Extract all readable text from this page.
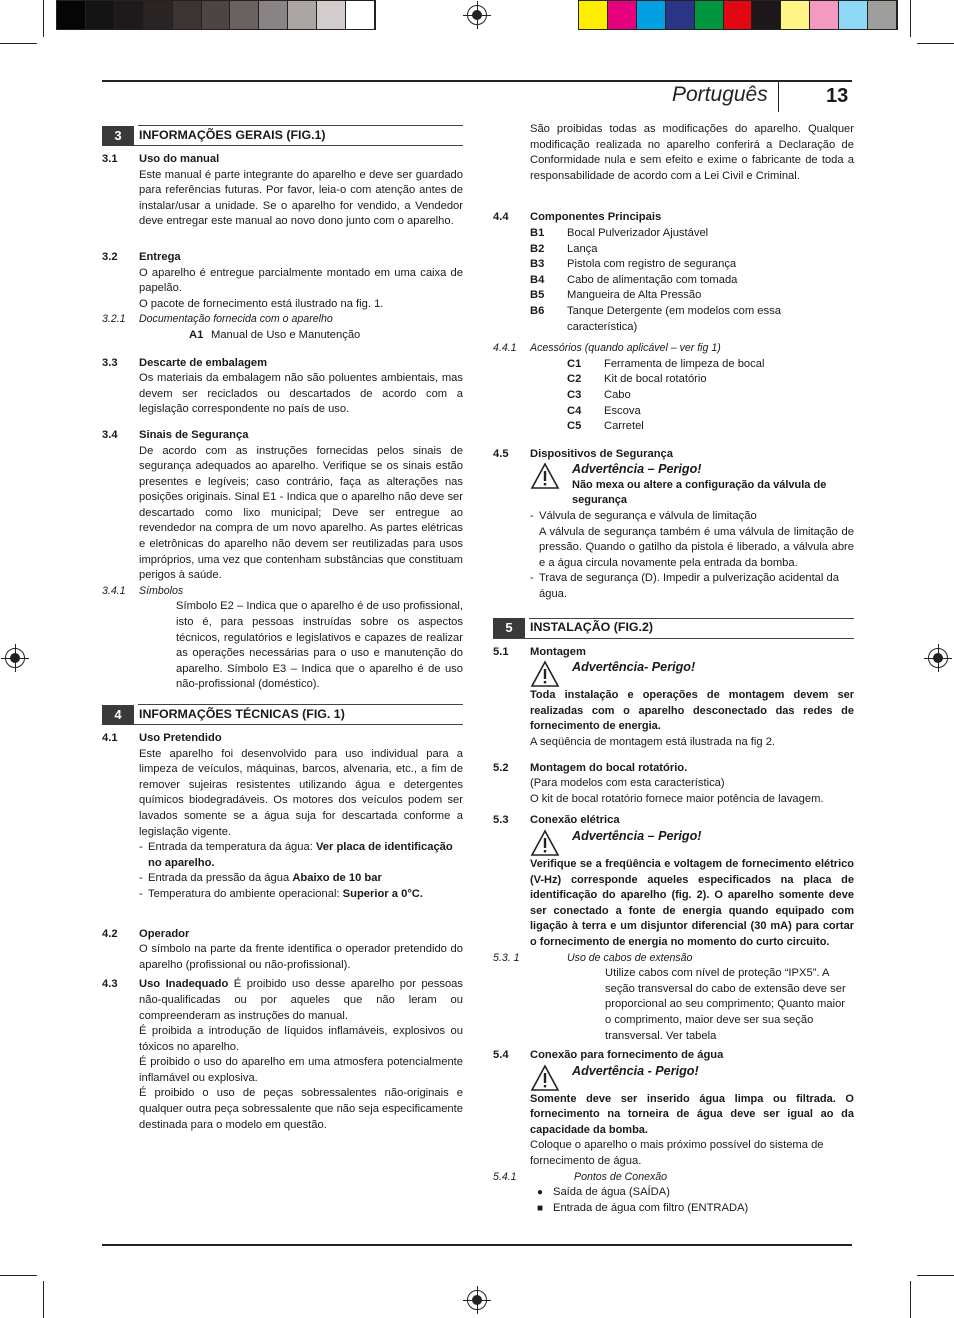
Português	13
3	INFORMAÇÕES GERAIS (FIG.1)
3.1	Uso do manual
Este manual é parte integrante do aparelho e deve ser guardado para referências futuras. Por favor, leia-o com atenção antes de instalar/usar a unidade. Se o aparelho for vendido, a Vendedor deve entregar este manual ao novo dono junto com o aparelho.
3.2	Entrega
O aparelho é entregue parcialmente montado em uma caixa de papelão.
O pacote de fornecimento está ilustrado na fig. 1.
3.2.1	Documentação fornecida com o aparelho
A1 Manual de Uso e Manutenção
3.3	Descarte de embalagem
Os materiais da embalagem não são poluentes ambientais, mas devem ser reciclados ou descartados de acordo com a legislação correspondente no país de uso.
3.4	Sinais de Segurança
De acordo com as instruções fornecidas pelos sinais de segurança adequados ao aparelho. Verifique se os sinais estão presentes e legíveis; caso contrário, faça as alterações nas posições originais. Sinal E1 - Indica que o aparelho não deve ser descartado como lixo municipal; Deve ser entregue ao revendedor na compra de um novo aparelho. As partes elétricas e eletrônicas do aparelho não devem ser reutilizadas para usos impróprios, uma vez que contenham substâncias que constituam perigos à saúde.
3.4.1	Símbolos
Símbolo E2 – Indica que o aparelho é de uso profissional, isto é, para pessoas instruídas sobre os aspectos técnicos, regulatórios e legislativos e capazes de realizar as operações necessárias para o uso e manutenção do aparelho. Símbolo E3 – Indica que o aparelho é de uso não-profissional (doméstico).
4	INFORMAÇÕES TÉCNICAS (FIG. 1)
4.1	Uso Pretendido
Este aparelho foi desenvolvido para uso individual para a limpeza de veículos, máquinas, barcos, alvenaria, etc., a fim de remover sujeiras resistentes utilizando água e detergentes químicos biodegradáveis. Os motores dos veículos podem ser lavados somente se a água suja for descartada conforme a legislação vigente.
- Entrada da temperatura da água: Ver placa de identificação no aparelho.
- Entrada da pressão da água Abaixo de 10 bar
- Temperatura do ambiente operacional: Superior a 0°C.
4.2	Operador
O símbolo na parte da frente identifica o operador pretendido do aparelho (profissional ou não-profissional).
4.3	Uso Inadequado É proibido uso desse aparelho por pessoas não-qualificadas ou por aqueles que não leram ou compreenderam as instruções do manual.
É proibida a introdução de líquidos inflamáveis, explosivos ou tóxicos no aparelho.
É proibido o uso do aparelho em uma atmosfera potencialmente inflamável ou explosiva.
É proibido o uso de peças sobressalentes não-originais e qualquer outra peça sobressalente que não seja especificamente destinada para o modelo em questão.
São proibidas todas as modificações do aparelho. Qualquer modificação realizada no aparelho conferirá a Declaração de Conformidade nula e sem efeito e exime o fabricante de toda a responsabilidade de acordo com a Lei Civil e Criminal.
4.4	Componentes Principais
B1	Bocal Pulverizador Ajustável
B2	Lança
B3	Pistola com registro de segurança
B4	Cabo de alimentação com tomada
B5	Mangueira de Alta Pressão
B6	Tanque Detergente (em modelos com essa característica)
4.4.1	Acessórios (quando aplicável – ver fig 1)
C1	Ferramenta de limpeza de bocal
C2	Kit de bocal rotatório
C3	Cabo
C4	Escova
C5	Carretel
4.5	Dispositivos de Segurança
Advertência – Perigo!
Não mexa ou altere a configuração da válvula de segurança
- Válvula de segurança e válvula de limitação
A válvula de segurança também é uma válvula de limitação de pressão. Quando o gatilho da pistola é liberado, a válvula abre e a água circula novamente pela entrada da bomba.
- Trava de segurança (D). Impedir a pulverização acidental da água.
5	INSTALAÇÃO (FIG.2)
5.1	Montagem
Advertência- Perigo!
Toda instalação e operações de montagem devem ser realizadas com o aparelho desconectado das redes de fornecimento de energia.
A seqüência de montagem está ilustrada na fig 2.
5.2	Montagem do bocal rotatório.
(Para modelos com esta característica)
O kit de bocal rotatório fornece maior potência de lavagem.
5.3	Conexão elétrica
Advertência – Perigo!
Verifique se a freqüência e voltagem de fornecimento elétrico (V-Hz) corresponde aqueles especificados na placa de identificação do aparelho (fig. 2). O aparelho somente deve ser conectado a fonte de energia quando equipado com ligação à terra e um disjuntor diferencial (30 mA) para cortar o fornecimento de energia no momento do curto circuito.
5.3. 1	Uso de cabos de extensão
Utilize cabos com nível de proteção “IPX5”. A seção transversal do cabo de extensão deve ser proporcional ao seu comprimento; Quanto maior o comprimento, maior deve ser sua seção transversal. Ver tabela
5.4	Conexão para fornecimento de água
Advertência - Perigo!
Somente deve ser inserido água limpa ou filtrada. O fornecimento na torneira de água deve ser igual ao da capacidade da bomba.
Coloque o aparelho o mais próximo possível do sistema de fornecimento de água.
5.4.1	Pontos de Conexão
● Saída de água (SAÍDA)
■ Entrada de água com filtro (ENTRADA)
